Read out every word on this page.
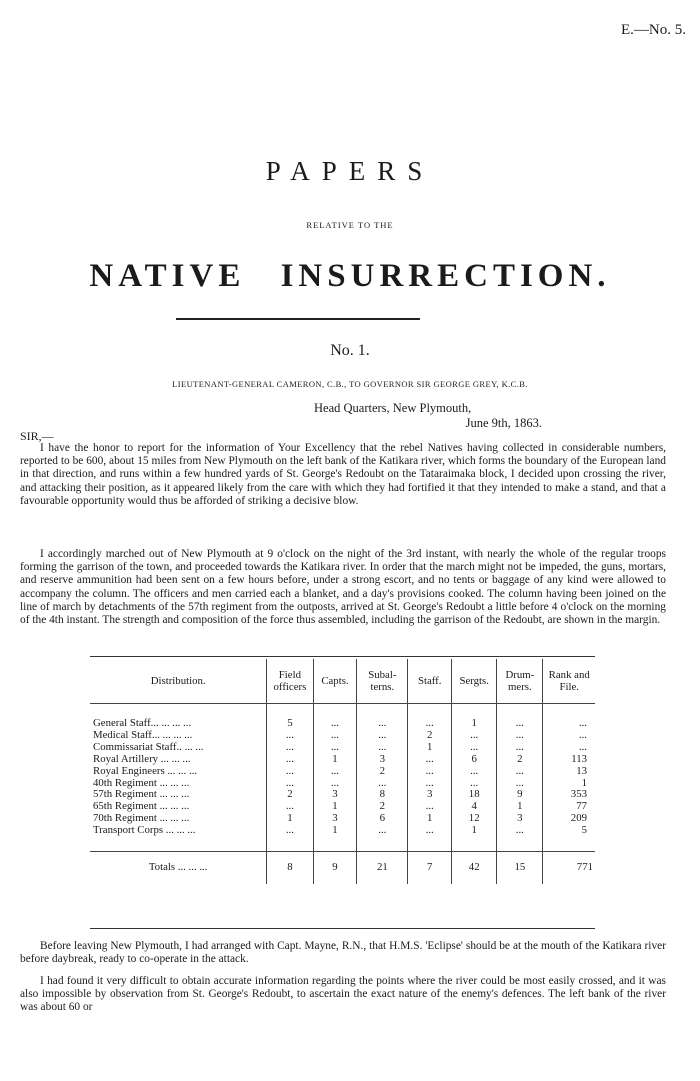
E.—No. 5.
PAPERS
RELATIVE TO THE
NATIVE INSURRECTION.
No. 1.
LIEUTENANT-GENERAL CAMERON, C.B., TO GOVERNOR SIR GEORGE GREY, K.C.B.
Head Quarters, New Plymouth,
June 9th, 1863.
SIR,—

I have the honor to report for the information of Your Excellency that the rebel Natives having collected in considerable numbers, reported to be 600, about 15 miles from New Plymouth on the left bank of the Katikara river, which forms the boundary of the European land in that direction, and runs within a few hundred yards of St. George's Redoubt on the Tataraimaka block, I decided upon crossing the river, and attacking their position, as it appeared likely from the care with which they had fortified it that they intended to make a stand, and that a favourable opportunity would thus be afforded of striking a decisive blow.

I accordingly marched out of New Plymouth at 9 o'clock on the night of the 3rd instant, with nearly the whole of the regular troops forming the garrison of the town, and proceeded towards the Katikara river. In order that the march might not be impeded, the guns, mortars, and reserve ammunition had been sent on a few hours before, under a strong escort, and no tents or baggage of any kind were allowed to accompany the column. The officers and men carried each a blanket, and a day's provisions cooked. The column having been joined on the line of march by detachments of the 57th regiment from the outposts, arrived at St. George's Redoubt a little before 4 o'clock on the morning of the 4th instant. The strength and composition of the force thus assembled, including the garrison of the Redoubt, are shown in the margin.

Distribution.	Field officers	Capts.	Subal-terns.	Staff.	Sergts.	Drum-mers.	Rank and File.

General Staff... ... ... ...	5	...	...	...	1	...	...
Medical Staff... ... ... ...	...	...	...	2	...	...	...
Commissariat Staff.. ... ...	...	...	...	1	...	...	...
Royal Artillery ... ... ...	...	1	3	...	6	2	113
Royal Engineers ... ... ...	...	...	2	...	...	...	13
40th Regiment ... ... ...	...	...	...	...	...	...	1
57th Regiment ... ... ...	2	3	8	3	18	9	353
65th Regiment ... ... ...	...	1	2	...	4	1	77
70th Regiment ... ... ...	1	3	6	1	12	3	209
Transport Corps ... ... ...	...	1	...	...	1	...	5

Totals ... ... ...	8	9	21	7	42	15	771

Before leaving New Plymouth, I had arranged with Capt. Mayne, R.N., that H.M.S. 'Eclipse' should be at the mouth of the Katikara river before daybreak, ready to co-operate in the attack.

I had found it very difficult to obtain accurate information regarding the points where the river could be most easily crossed, and it was also impossible by observation from St. George's Redoubt, to ascertain the exact nature of the enemy's defences. The left bank of the river was about 60 or
